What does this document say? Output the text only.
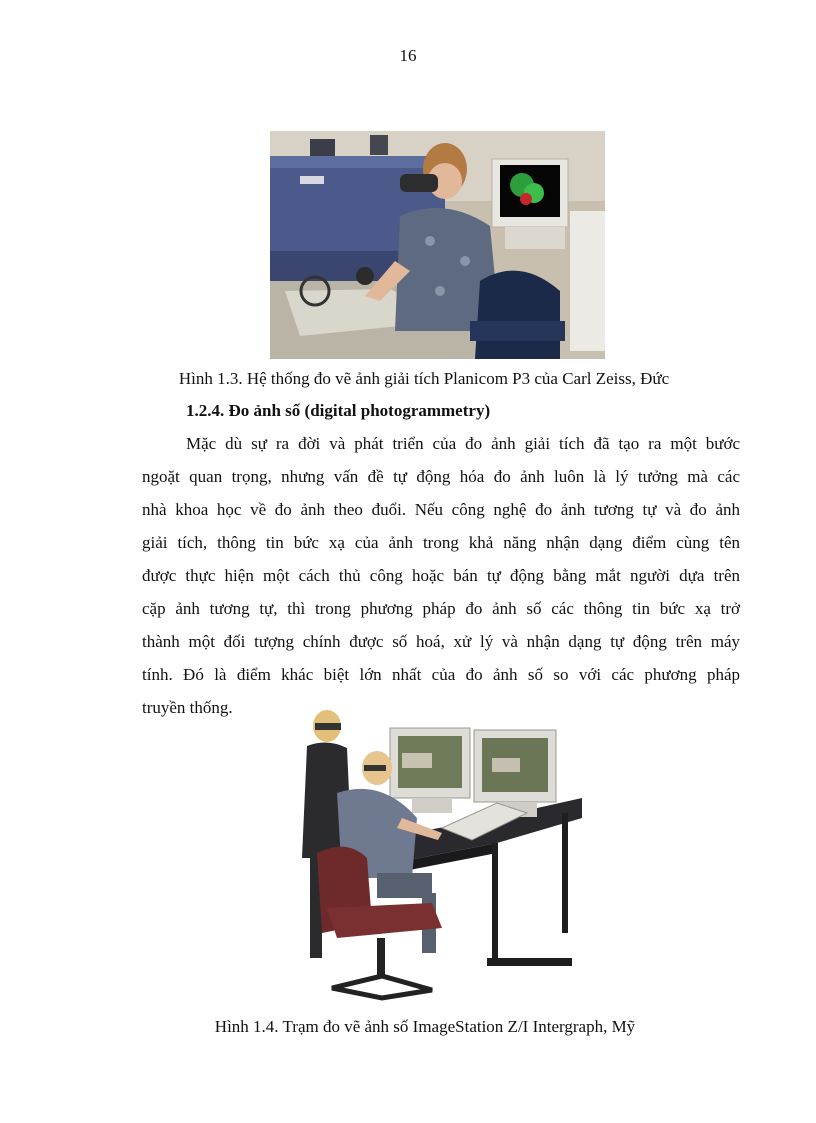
16
Hình 1.3. Hệ thống đo vẽ ảnh giải tích Planicom P3 của Carl Zeiss, Đức
1.2.4. Đo ảnh số (digital photogrammetry)
Mặc dù sự ra đời và phát triển của đo ảnh giải tích đã tạo ra một bước
ngoặt quan trọng, nhưng vấn đề tự động hóa đo ảnh luôn là lý tưởng mà các
nhà khoa học về đo ảnh theo đuổi. Nếu công nghệ đo ảnh tương tự và đo ảnh
giải tích, thông tin bức xạ của ảnh trong khả năng nhận dạng điểm cùng tên
được thực hiện một cách thủ công hoặc bán tự động bằng mắt người dựa trên
cặp ảnh tương tự, thì trong phương pháp đo ảnh số các thông tin bức xạ trở
thành một đối tượng chính được số hoá, xử lý và nhận dạng tự động trên máy
tính. Đó là điểm khác biệt lớn nhất của đo ảnh số so với các phương pháp
truyền thống.
Hình 1.4. Trạm đo vẽ ảnh số ImageStation Z/I Intergraph, Mỹ
